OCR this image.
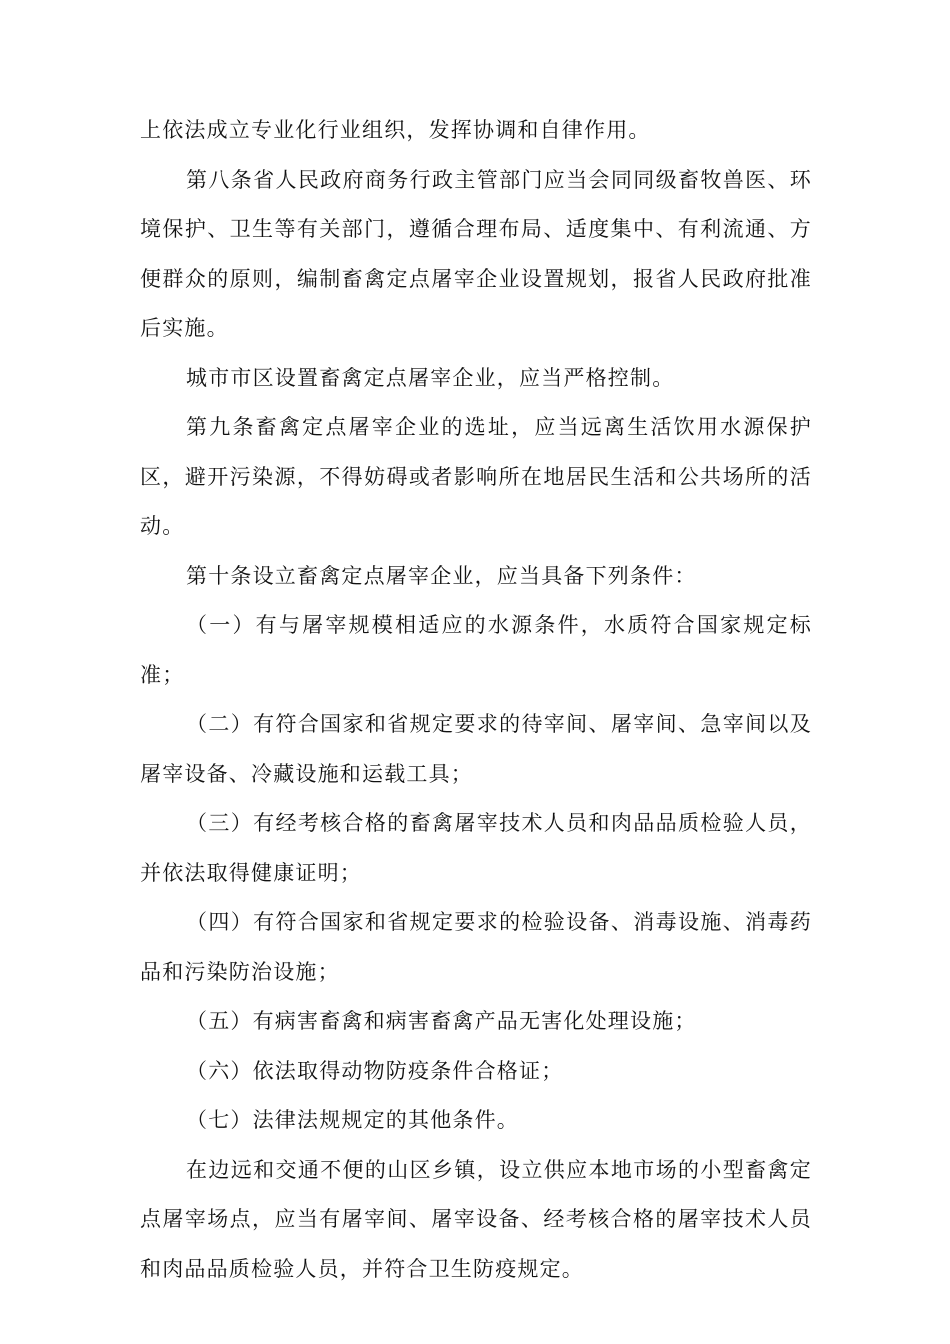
上依法成立专业化行业组织，发挥协调和自律作用。

第八条省人民政府商务行政主管部门应当会同同级畜牧兽医、环境保护、卫生等有关部门，遵循合理布局、适度集中、有利流通、方便群众的原则，编制畜禽定点屠宰企业设置规划，报省人民政府批准后实施。

城市市区设置畜禽定点屠宰企业，应当严格控制。

第九条畜禽定点屠宰企业的选址，应当远离生活饮用水源保护区，避开污染源，不得妨碍或者影响所在地居民生活和公共场所的活动。

第十条设立畜禽定点屠宰企业，应当具备下列条件：

（一）有与屠宰规模相适应的水源条件，水质符合国家规定标准；

（二）有符合国家和省规定要求的待宰间、屠宰间、急宰间以及屠宰设备、冷藏设施和运载工具；

（三）有经考核合格的畜禽屠宰技术人员和肉品品质检验人员，并依法取得健康证明；

（四）有符合国家和省规定要求的检验设备、消毒设施、消毒药品和污染防治设施；

（五）有病害畜禽和病害畜禽产品无害化处理设施；

（六）依法取得动物防疫条件合格证；

（七）法律法规规定的其他条件。

在边远和交通不便的山区乡镇，设立供应本地市场的小型畜禽定点屠宰场点，应当有屠宰间、屠宰设备、经考核合格的屠宰技术人员和肉品品质检验人员，并符合卫生防疫规定。
